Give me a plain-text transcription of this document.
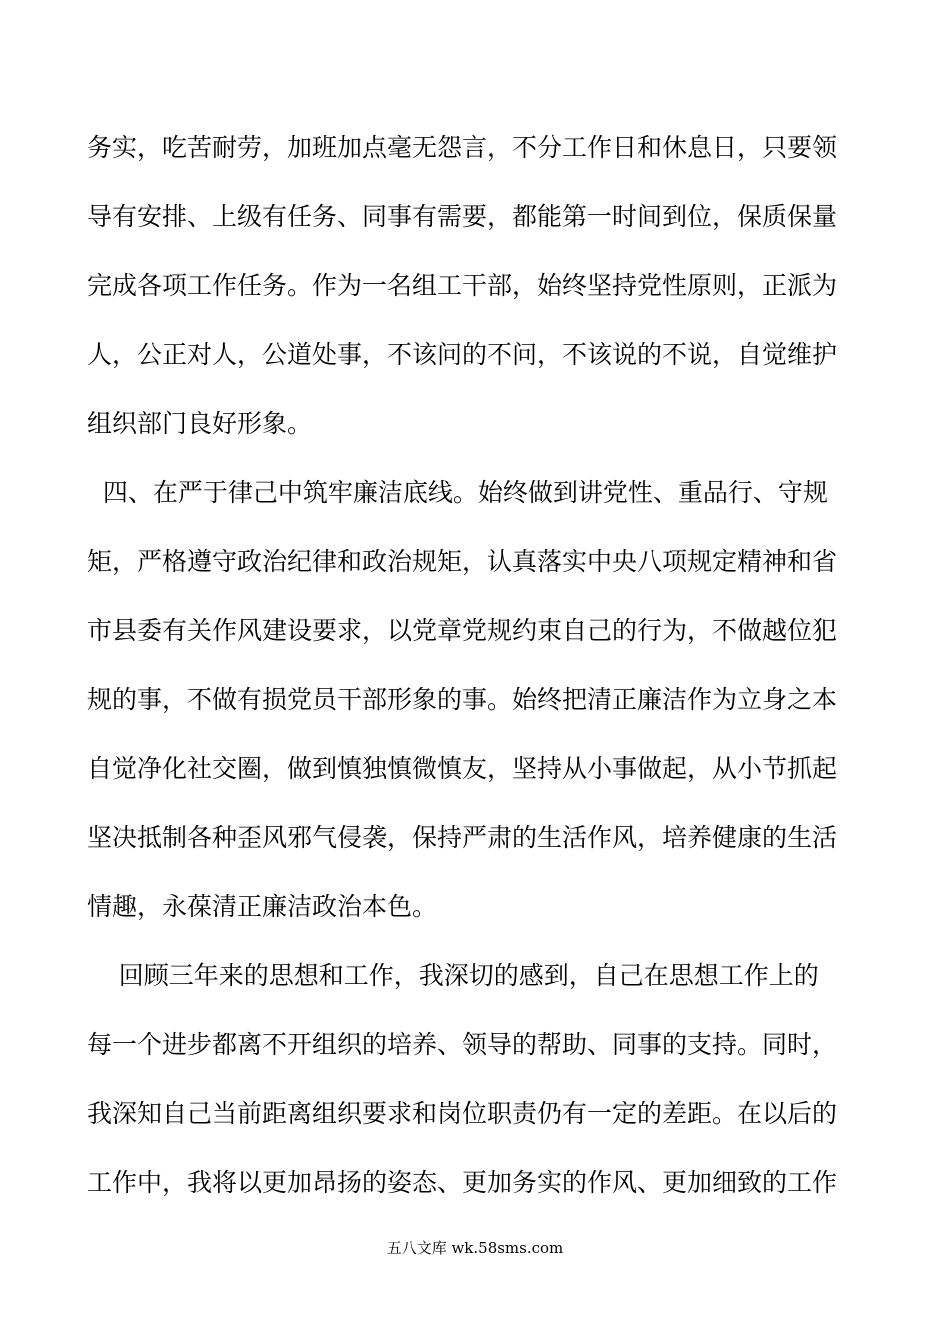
务实，吃苦耐劳，加班加点毫无怨言，不分工作日和休息日，只要领
导有安排、上级有任务、同事有需要，都能第一时间到位，保质保量
完成各项工作任务。作为一名组工干部，始终坚持党性原则，正派为
人，公正对人，公道处事，不该问的不问，不该说的不说，自觉维护
组织部门良好形象。
四、在严于律己中筑牢廉洁底线。始终做到讲党性、重品行、守规
矩，严格遵守政治纪律和政治规矩，认真落实中央八项规定精神和省
市县委有关作风建设要求，以党章党规约束自己的行为，不做越位犯
规的事，不做有损党员干部形象的事。始终把清正廉洁作为立身之本
自觉净化社交圈，做到慎独慎微慎友，坚持从小事做起，从小节抓起
坚决抵制各种歪风邪气侵袭，保持严肃的生活作风，培养健康的生活
情趣，永葆清正廉洁政治本色。
回顾三年来的思想和工作，我深切的感到，自己在思想工作上的
每一个进步都离不开组织的培养、领导的帮助、同事的支持。同时，
我深知自己当前距离组织要求和岗位职责仍有一定的差距。在以后的
工作中，我将以更加昂扬的姿态、更加务实的作风、更加细致的工作
五八文库 wk.58sms.com
